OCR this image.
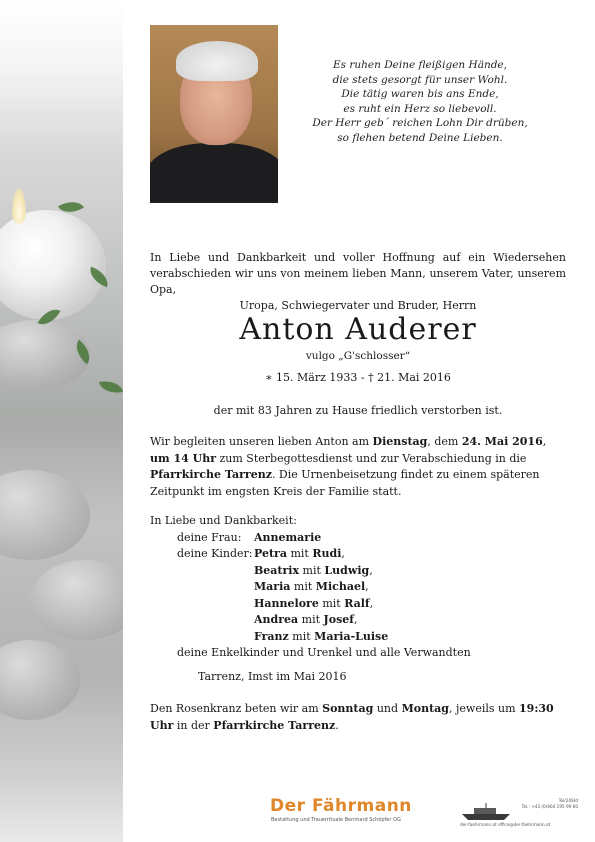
Es ruhen Deine fleißigen Hände,
die stets gesorgt für unser Wohl.
Die tätig waren bis ans Ende,
es ruht ein Herz so liebevoll.
Der Herr geb´ reichen Lohn Dir drüben,
so flehen betend Deine Lieben.
In Liebe und Dankbarkeit und voller Hoffnung auf ein Wiedersehen verabschieden wir uns von meinem lieben Mann, unserem Vater, unserem Opa,
Uropa, Schwiegervater und Bruder, Herrn
Anton Auderer
vulgo „G'schlosser“
∗ 15. März 1933 - † 21. Mai 2016
der mit 83 Jahren zu Hause friedlich verstorben ist.
Wir begleiten unseren lieben Anton am Dienstag, dem 24. Mai 2016, um 14 Uhr zum Sterbegottesdienst und zur Verabschiedung in die Pfarrkirche Tarrenz. Die Urnenbeisetzung findet zu einem späteren Zeitpunkt im engsten Kreis der Familie statt.
In Liebe und Dankbarkeit:
deine Frau: Annemarie
deine Kinder: Petra mit Rudi,
Beatrix mit Ludwig,
Maria mit Michael,
Hannelore mit Ralf,
Andrea mit Josef,
Franz mit Maria-Luise
deine Enkelkinder und Urenkel und alle Verwandten
Tarrenz, Imst im Mai 2016
Den Rosenkranz beten wir am Sonntag und Montag, jeweils um 19:30 Uhr in der Pfarrkirche Tarrenz.
Der Fährmann
Bestattung und Trauerrituale Bernhard Schöpfer OG
Tel/24Std
Tel.: +43 (0)664 195 99 60
der-faehrmann.at office@der-faehrmann.at
